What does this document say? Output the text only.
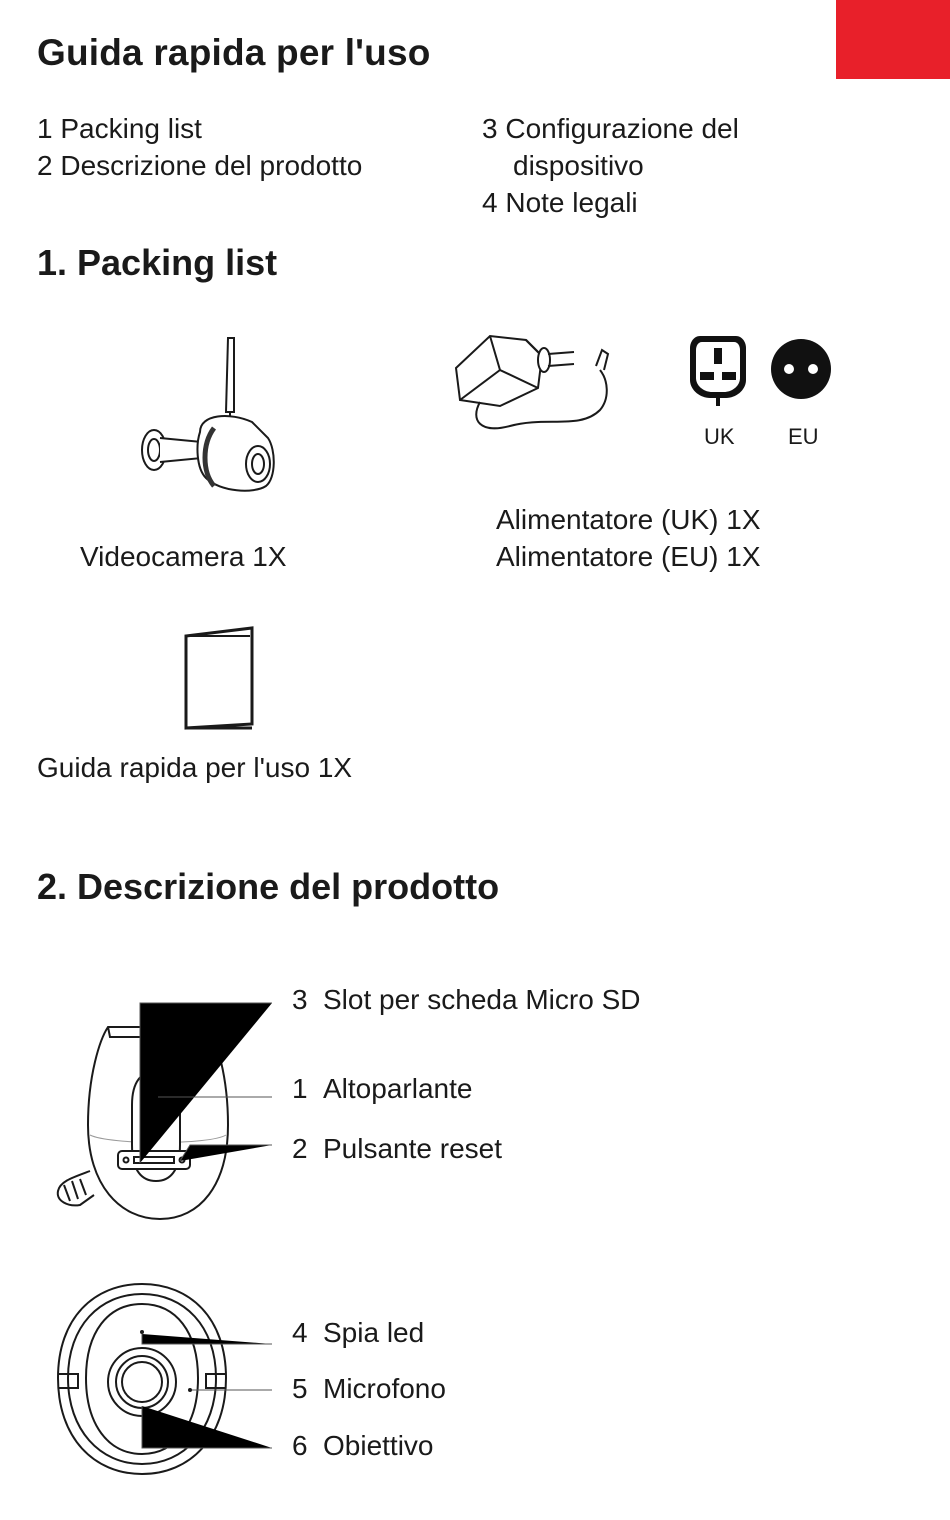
Guida rapida per l'uso
1 Packing list
2 Descrizione del prodotto
3 Configurazione del
dispositivo
4 Note legali
1. Packing list
UK EU
Videocamera 1X
Alimentatore (UK) 1X
Alimentatore (EU) 1X
Guida rapida per l'uso 1X
2. Descrizione del prodotto
3 Slot per scheda Micro SD
1 Altoparlante
2 Pulsante reset
4 Spia led
5 Microfono
6 Obiettivo
